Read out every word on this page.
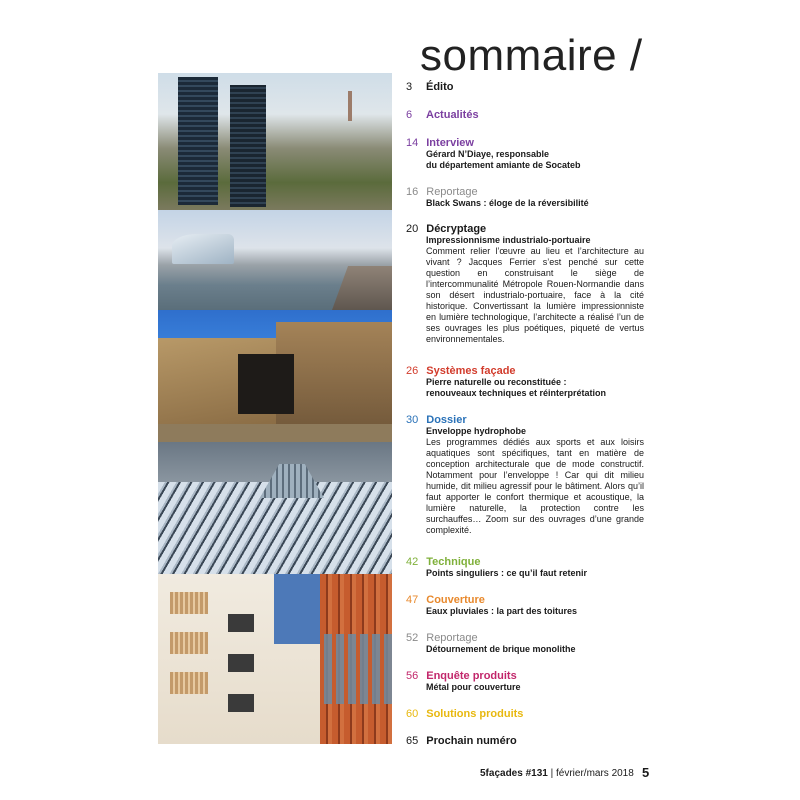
sommaire /
3	Édito
6	Actualités
14 Interview
Gérard N’Diaye, responsable
du département amiante de Socateb
16 Reportage
Black Swans : éloge de la réversibilité
20 Décryptage
Impressionnisme industrialo-portuaire
Comment relier l’œuvre au lieu et l’architecture au vivant ? Jacques Ferrier s’est penché sur cette question en construisant le siège de l’intercommunalité Métropole Rouen-Normandie dans son désert industrialo-portuaire, face à la cité historique. Convertissant la lumière impressionniste en lumière technologique, l’architecte a réalisé l’un de ses ouvrages les plus poétiques, piqueté de vertus environnementales.
26 Systèmes façade
Pierre naturelle ou reconstituée :
renouveaux techniques et réinterprétation
30 Dossier
Enveloppe hydrophobe
Les programmes dédiés aux sports et aux loisirs aquatiques sont spécifiques, tant en matière de conception architecturale que de mode constructif. Notamment pour l’enveloppe ! Car qui dit milieu humide, dit milieu agressif pour le bâtiment. Alors qu’il faut apporter le confort thermique et acoustique, la lumière naturelle, la protection contre les surchauffes… Zoom sur des ouvrages d’une grande complexité.
42 Technique
Points singuliers : ce qu’il faut retenir
47 Couverture
Eaux pluviales : la part des toitures
52 Reportage
Détournement de brique monolithe
56 Enquête produits
Métal pour couverture
60 Solutions produits
65 Prochain numéro
5façades #131 | février/mars 2018 5
